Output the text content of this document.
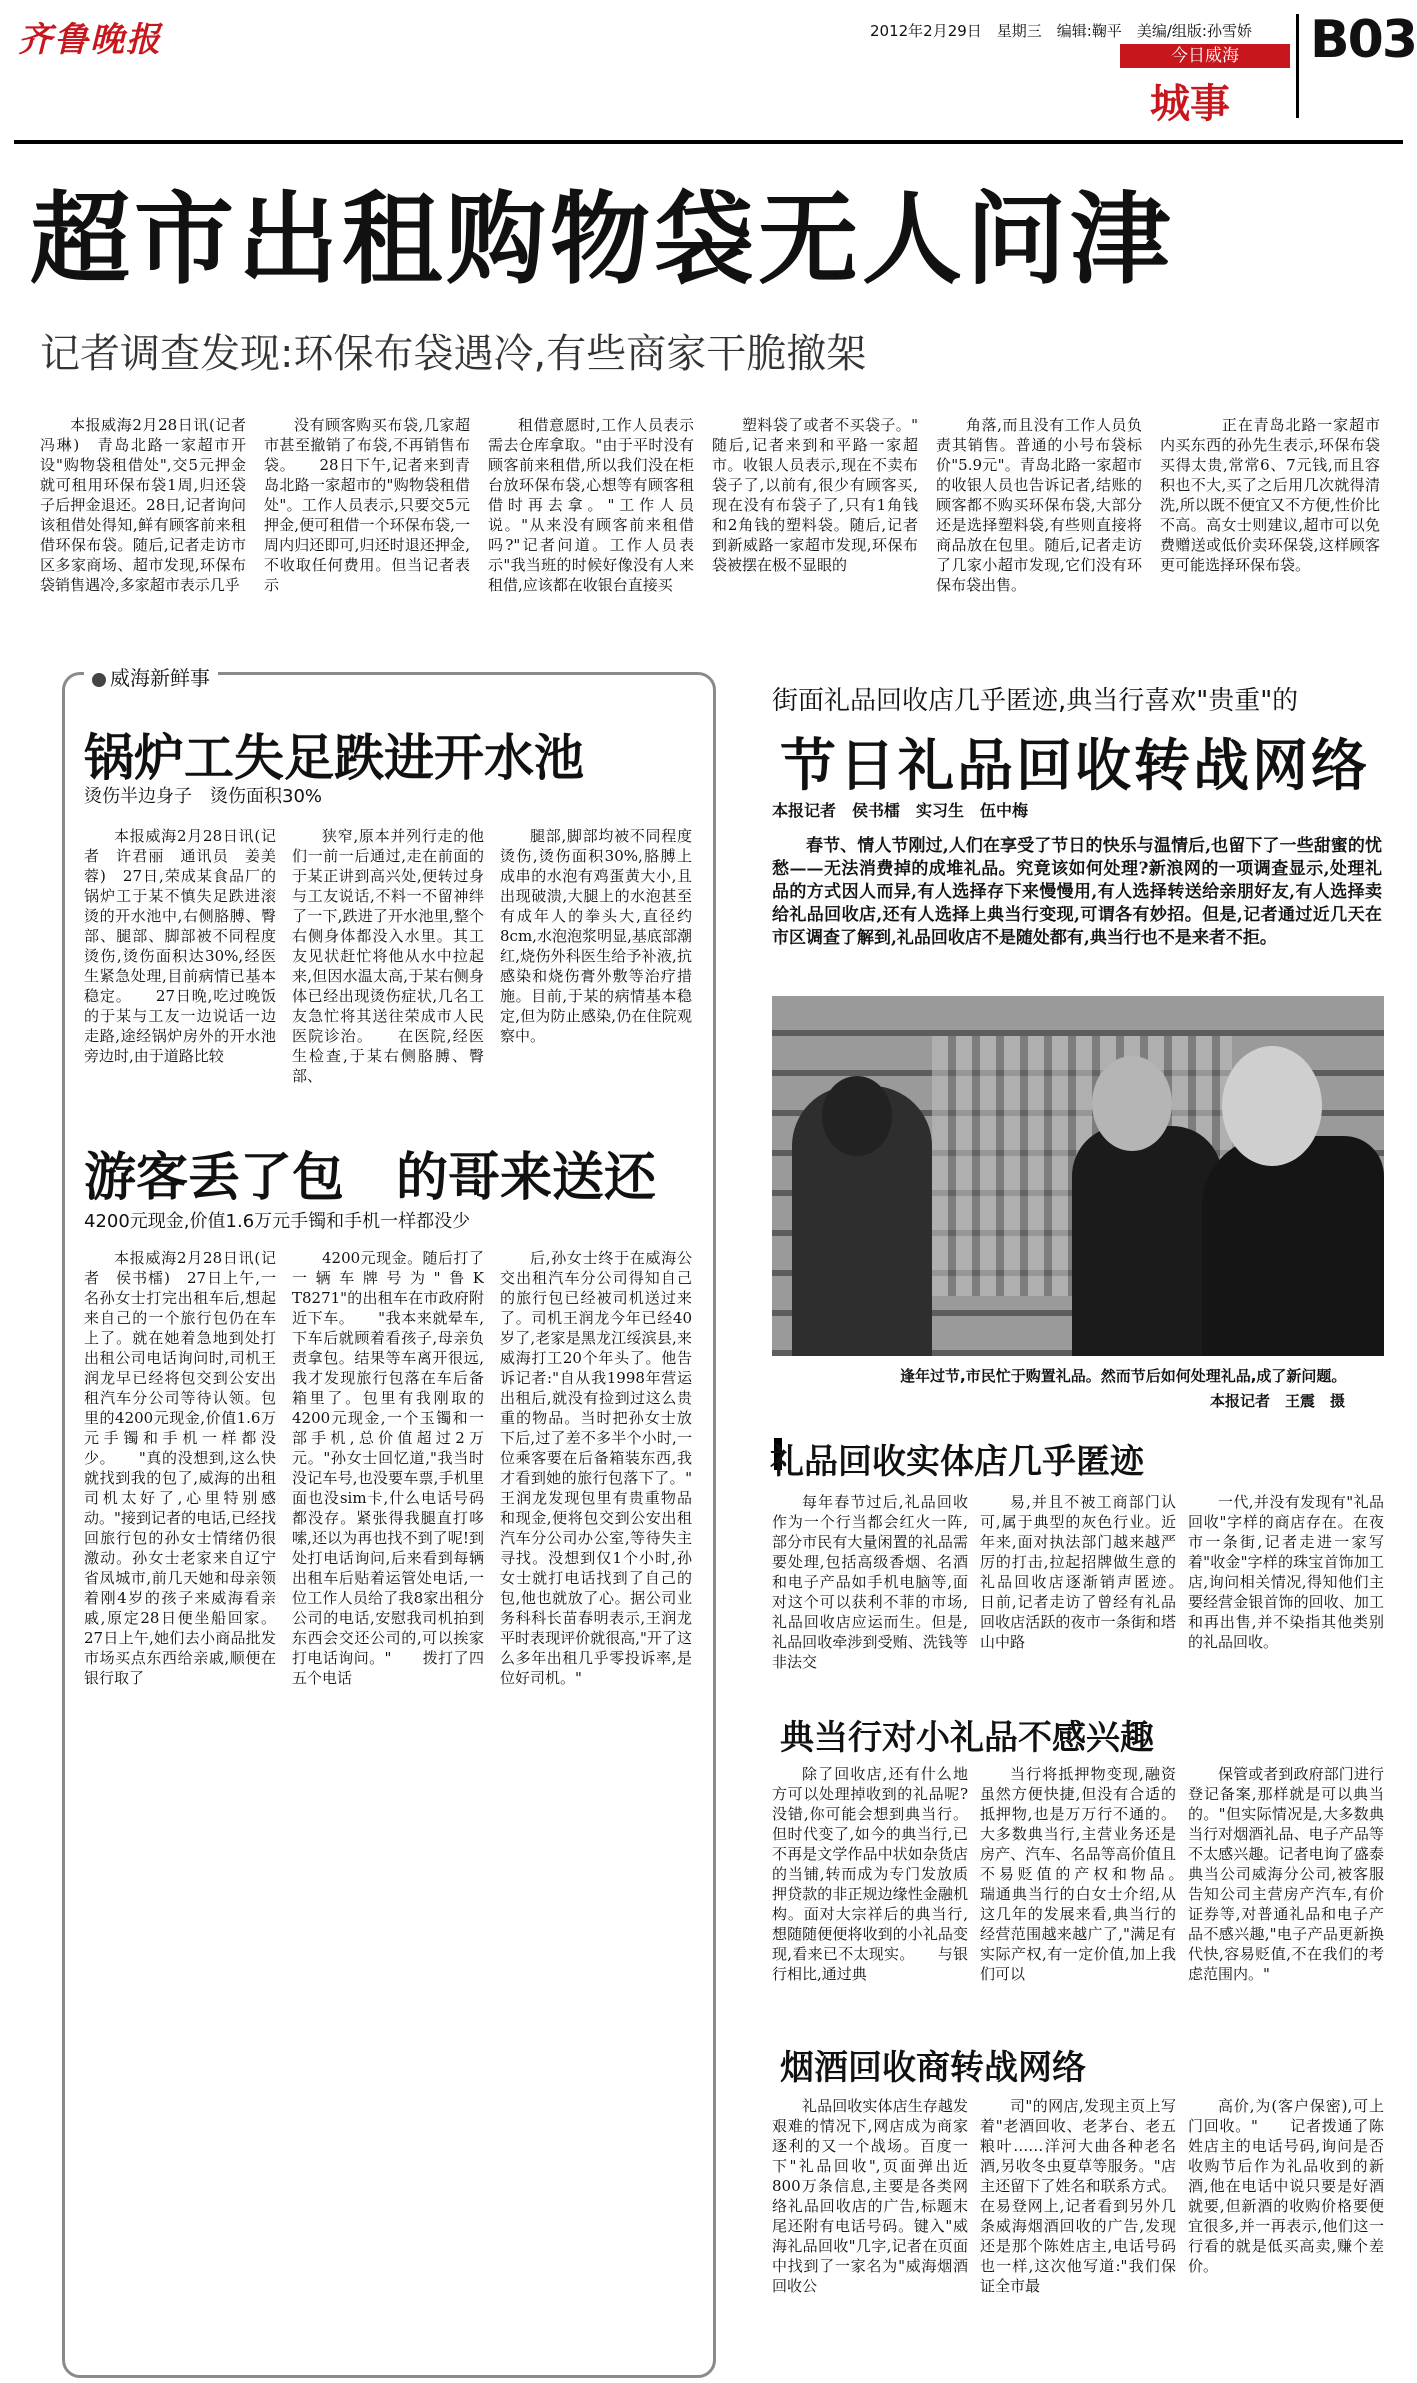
齐鲁晚报	2012年2月29日　星期三　编辑:鞠平　美编/组版:孙雪娇
今日威海
城事
B03
超市出租购物袋无人问津
记者调查发现:环保布袋遇冷,有些商家干脆撤架

本报威海2月28日讯(记者　冯琳)　青岛北路一家超市开设"购物袋租借处",交5元押金就可租用环保布袋1周,归还袋子后押金退还。28日,记者询问该租借处得知,鲜有顾客前来租借环保布袋。随后,记者走访市区多家商场、超市发现,环保布袋销售遇冷,多家超市表示几乎

没有顾客购买布袋,几家超市甚至撤销了布袋,不再销售布袋。　　28日下午,记者来到青岛北路一家超市的"购物袋租借处"。工作人员表示,只要交5元押金,便可租借一个环保布袋,一周内归还即可,归还时退还押金,不收取任何费用。但当记者表示

租借意愿时,工作人员表示需去仓库拿取。"由于平时没有顾客前来租借,所以我们没在柜台放环保布袋,心想等有顾客租借时再去拿。"工作人员说。"从来没有顾客前来租借吗?"记者问道。工作人员表示"我当班的时候好像没有人来租借,应该都在收银台直接买

塑料袋了或者不买袋子。"　　随后,记者来到和平路一家超市。收银人员表示,现在不卖布袋子了,以前有,很少有顾客买,现在没有布袋子了,只有1角钱和2角钱的塑料袋。随后,记者到新威路一家超市发现,环保布袋被摆在极不显眼的

角落,而且没有工作人员负责其销售。普通的小号布袋标价"5.9元"。青岛北路一家超市的收银人员也告诉记者,结账的顾客都不购买环保布袋,大部分还是选择塑料袋,有些则直接将商品放在包里。随后,记者走访了几家小超市发现,它们没有环保布袋出售。

　　正在青岛北路一家超市内买东西的孙先生表示,环保布袋买得太贵,常常6、7元钱,而且容积也不大,买了之后用几次就得清洗,所以既不便宜又不方便,性价比不高。高女士则建议,超市可以免费赠送或低价卖环保袋,这样顾客更可能选择环保布袋。

威海新鲜事
锅炉工失足跌进开水池
烫伤半边身子　烫伤面积30%

本报威海2月28日讯(记者　许君丽　通讯员　姜美蓉)　27日,荣成某食品厂的锅炉工于某不慎失足跌进滚烫的开水池中,右侧胳膊、臀部、腿部、脚部被不同程度烫伤,烫伤面积达30%,经医生紧急处理,目前病情已基本稳定。　　27日晚,吃过晚饭的于某与工友一边说话一边走路,途经锅炉房外的开水池旁边时,由于道路比较

狭窄,原本并列行走的他们一前一后通过,走在前面的于某正讲到高兴处,便转过身与工友说话,不料一不留神绊了一下,跌进了开水池里,整个右侧身体都没入水里。其工友见状赶忙将他从水中拉起来,但因水温太高,于某右侧身体已经出现烫伤症状,几名工友急忙将其送往荣成市人民医院诊治。　　在医院,经医生检查,于某右侧胳膊、臀部、

腿部,脚部均被不同程度烫伤,烫伤面积30%,胳膊上成串的水泡有鸡蛋黄大小,且出现破溃,大腿上的水泡甚至有成年人的拳头大,直径约8cm,水泡泡浆明显,基底部潮红,烧伤外科医生给予补液,抗感染和烧伤膏外敷等治疗措施。目前,于某的病情基本稳定,但为防止感染,仍在住院观察中。

游客丢了包　的哥来送还
4200元现金,价值1.6万元手镯和手机一样都没少

本报威海2月28日讯(记者　侯书檑)　27日上午,一名孙女士打完出租车后,想起来自己的一个旅行包仍在车上了。就在她着急地到处打出租公司电话询问时,司机王润龙早已经将包交到公安出租汽车分公司等待认领。包里的4200元现金,价值1.6万元手镯和手机一样都没少。　　"真的没想到,这么快就找到我的包了,威海的出租司机太好了,心里特别感动。"接到记者的电话,已经找回旅行包的孙女士情绪仍很激动。孙女士老家来自辽宁省凤城市,前几天她和母亲领着刚4岁的孩子来威海看亲戚,原定28日便坐船回家。27日上午,她们去小商品批发市场买点东西给亲戚,顺便在银行取了

4200元现金。随后打了一辆车牌号为"鲁K T8271"的出租车在市政府附近下车。　　"我本来就晕车,下车后就顾着看孩子,母亲负责拿包。结果等车离开很远,我才发现旅行包落在车后备箱里了。包里有我刚取的4200元现金,一个玉镯和一部手机,总价值超过2万元。"孙女士回忆道,"我当时没记车号,也没要车票,手机里面也没sim卡,什么电话号码都没存。紧张得我腿直打哆嗦,还以为再也找不到了呢!到处打电话询问,后来看到每辆出租车后贴着运管处电话,一位工作人员给了我8家出租分公司的电话,安慰我司机拍到东西会交还公司的,可以挨家打电话询问。"　　拨打了四五个电话

后,孙女士终于在威海公交出租汽车分公司得知自己的旅行包已经被司机送过来了。司机王润龙今年已经40岁了,老家是黑龙江绥滨县,来威海打工20个年头了。他告诉记者:"自从我1998年营运出租后,就没有捡到过这么贵重的物品。当时把孙女士放下后,过了差不多半个小时,一位乘客要在后备箱装东西,我才看到她的旅行包落下了。"　　王润龙发现包里有贵重物品和现金,便将包交到公安出租汽车分公司办公室,等待失主寻找。没想到仅1个小时,孙女士就打电话找到了自己的包,他也就放了心。据公司业务科科长苗春明表示,王润龙平时表现评价就很高,"开了这么多年出租几乎零投诉率,是位好司机。"

街面礼品回收店几乎匿迹,典当行喜欢"贵重"的
节日礼品回收转战网络
本报记者　侯书檑　实习生　伍中梅

春节、情人节刚过,人们在享受了节日的快乐与温情后,也留下了一些甜蜜的忧愁——无法消费掉的成堆礼品。究竟该如何处理?新浪网的一项调查显示,处理礼品的方式因人而异,有人选择存下来慢慢用,有人选择转送给亲朋好友,有人选择卖给礼品回收店,还有人选择上典当行变现,可谓各有妙招。但是,记者通过近几天在市区调查了解到,礼品回收店不是随处都有,典当行也不是来者不拒。

逢年过节,市民忙于购置礼品。然而节后如何处理礼品,成了新问题。
本报记者　王震　摄
礼品回收实体店几乎匿迹

每年春节过后,礼品回收作为一个行当都会红火一阵,部分市民有大量闲置的礼品需要处理,包括高级香烟、名酒和电子产品如手机电脑等,面对这个可以获利不菲的市场,礼品回收店应运而生。但是,礼品回收牵涉到受贿、洗钱等非法交

易,并且不被工商部门认可,属于典型的灰色行业。近年来,面对执法部门越来越严厉的打击,拉起招牌做生意的礼品回收店逐渐销声匿迹。　　日前,记者走访了曾经有礼品回收店活跃的夜市一条街和塔山中路

一代,并没有发现有"礼品回收"字样的商店存在。在夜市一条街,记者走进一家写着"收金"字样的珠宝首饰加工店,询问相关情况,得知他们主要经营金银首饰的回收、加工和再出售,并不染指其他类别的礼品回收。

典当行对小礼品不感兴趣

除了回收店,还有什么地方可以处理掉收到的礼品呢?没错,你可能会想到典当行。但时代变了,如今的典当行,已不再是文学作品中状如杂货店的当铺,转而成为专门发放质押贷款的非正规边缘性金融机构。面对大宗祥后的典当行,想随随便便将收到的小礼品变现,看来已不太现实。　　与银行相比,通过典

当行将抵押物变现,融资虽然方便快捷,但没有合适的抵押物,也是万万行不通的。大多数典当行,主营业务还是房产、汽车、名品等高价值且不易贬值的产权和物品。　　瑞通典当行的白女士介绍,从这几年的发展来看,典当行的经营范围越来越广了,"满足有实际产权,有一定价值,加上我们可以

保管或者到政府部门进行登记备案,那样就是可以典当的。"但实际情况是,大多数典当行对烟酒礼品、电子产品等不太感兴趣。记者电询了盛泰典当公司威海分公司,被客服告知公司主营房产汽车,有价证券等,对普通礼品和电子产品不感兴趣,"电子产品更新换代快,容易贬值,不在我们的考虑范围内。"

烟酒回收商转战网络

礼品回收实体店生存越发艰难的情况下,网店成为商家逐利的又一个战场。百度一下"礼品回收",页面弹出近800万条信息,主要是各类网络礼品回收店的广告,标题末尾还附有电话号码。键入"威海礼品回收"几字,记者在页面中找到了一家名为"威海烟酒回收公

司"的网店,发现主页上写着"老酒回收、老茅台、老五粮叶……洋河大曲各种老名酒,另收冬虫夏草等服务。"店主还留下了姓名和联系方式。在易登网上,记者看到另外几条威海烟酒回收的广告,发现还是那个陈姓店主,电话号码也一样,这次他写道:"我们保证全市最

高价,为(客户保密),可上门回收。"　　记者拨通了陈姓店主的电话号码,询问是否收购节后作为礼品收到的新酒,他在电话中说只要是好酒就要,但新酒的收购价格要便宜很多,并一再表示,他们这一行看的就是低买高卖,赚个差价。
